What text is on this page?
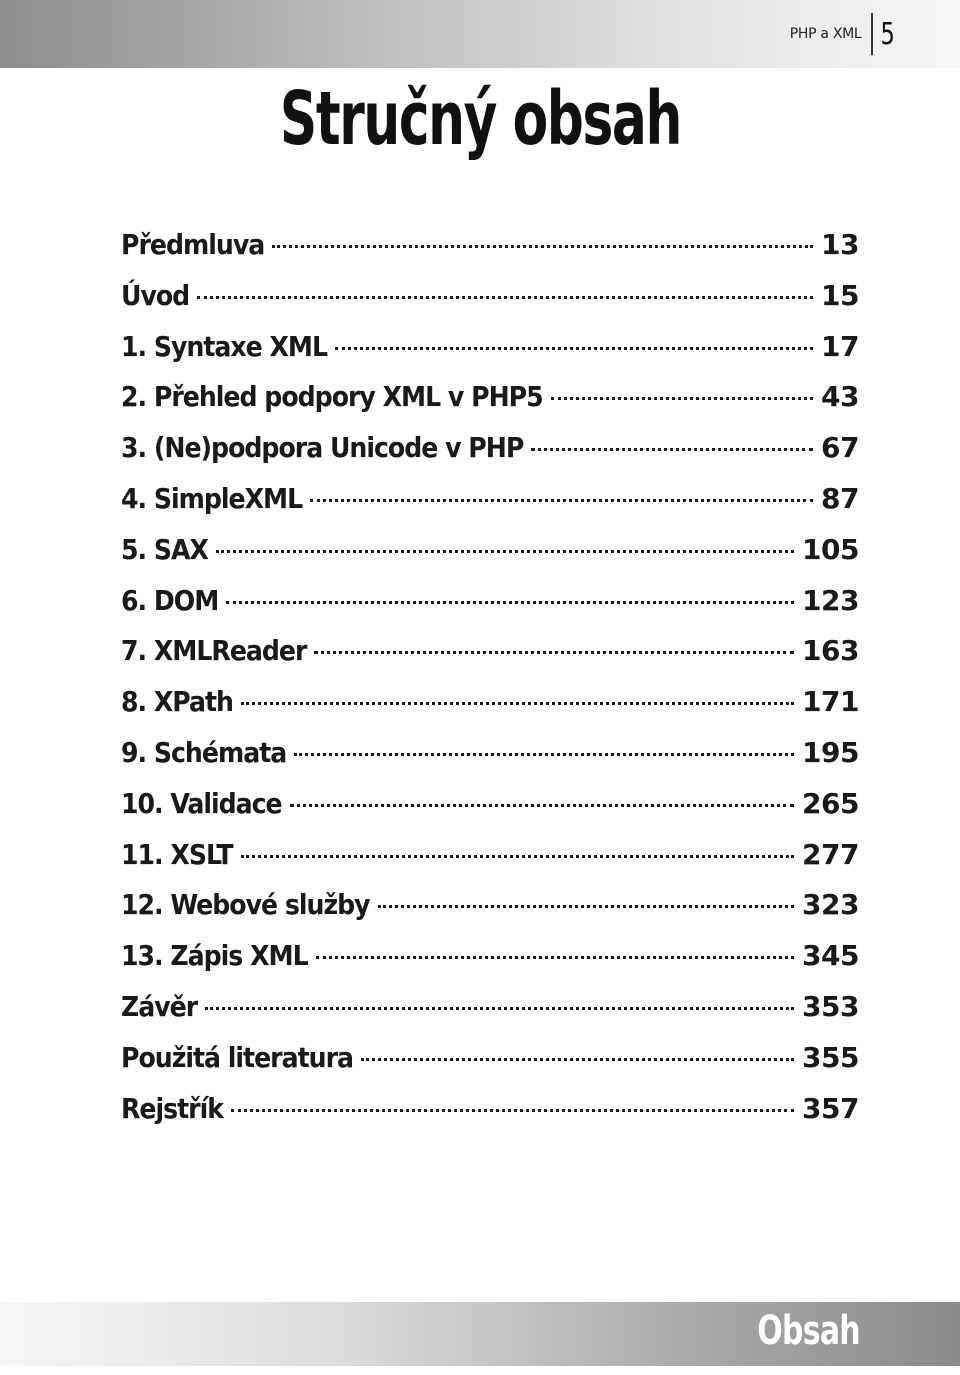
PHP a XML 5
Stručný obsah
Předmluva	13
Úvod	15
1. Syntaxe XML	17
2. Přehled podpory XML v PHP5	43
3. (Ne)podpora Unicode v PHP	67
4. SimpleXML	87
5. SAX	105
6. DOM	123
7. XMLReader	163
8. XPath	171
9. Schémata	195
10. Validace	265
11. XSLT	277
12. Webové služby	323
13. Zápis XML	345
Závěr	353
Použitá literatura	355
Rejstřík	357
Obsah
